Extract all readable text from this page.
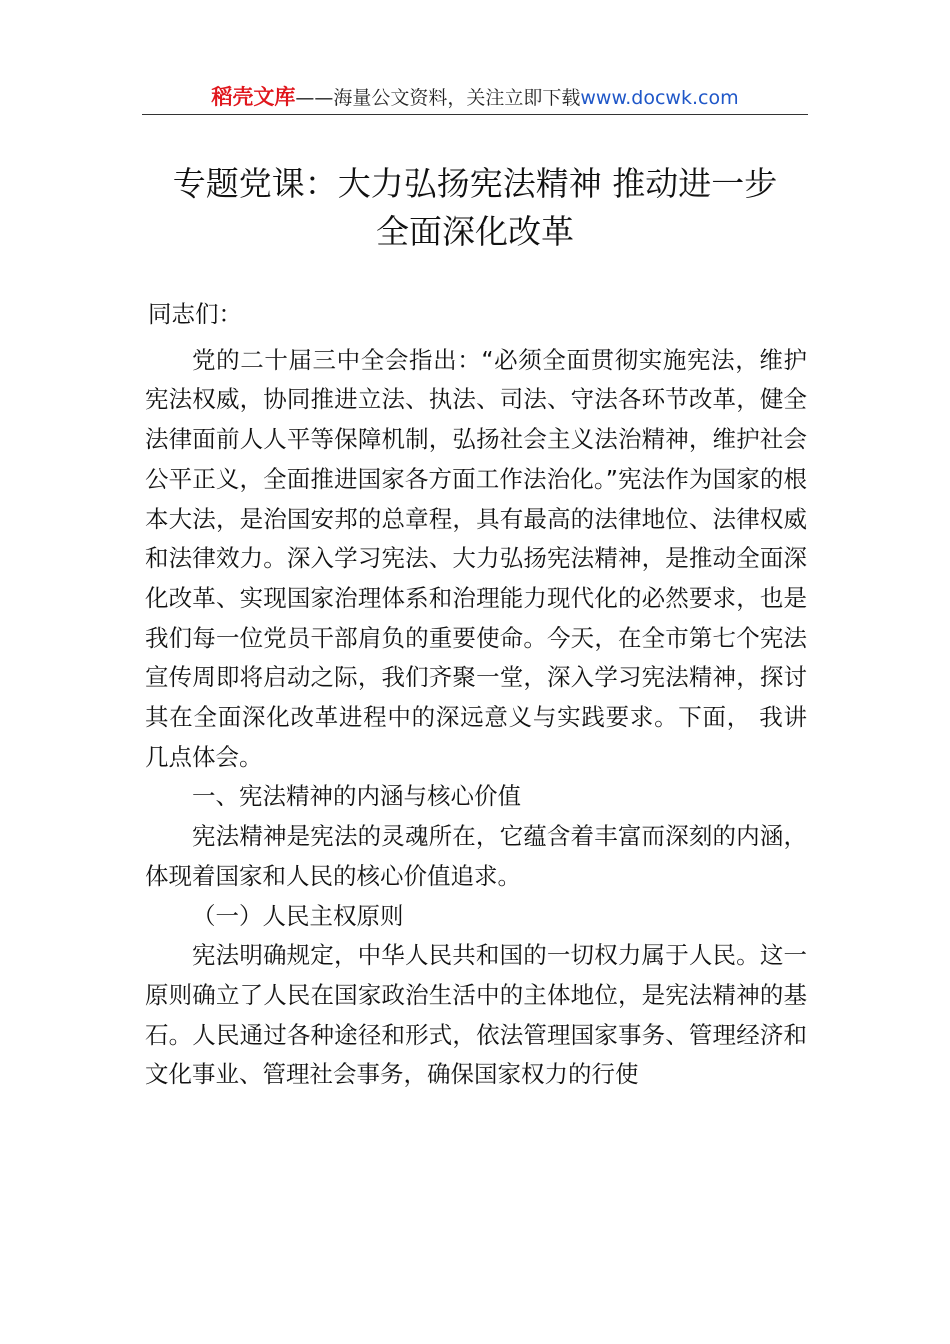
稻壳文库——海量公文资料，关注立即下载www.docwk.com
专题党课：大力弘扬宪法精神 推动进一步
全面深化改革

同志们：

党的二十届三中全会指出：“必须全面贯彻实施宪法，维护宪法权威，协同推进立法、执法、司法、守法各环节改革，健全法律面前人人平等保障机制，弘扬社会主义法治精神，维护社会公平正义，全面推进国家各方面工作法治化。”宪法作为国家的根本大法，是治国安邦的总章程，具有最高的法律地位、法律权威和法律效力。深入学习宪法、大力弘扬宪法精神，是推动全面深化改革、实现国家治理体系和治理能力现代化的必然要求，也是我们每一位党员干部肩负的重要使命。今天，在全市第七个宪法宣传周即将启动之际，我们齐聚一堂，深入学习宪法精神，探讨其在全面深化改革进程中的深远意义与实践要求。下面， 我讲几点体会。

一、宪法精神的内涵与核心价值

宪法精神是宪法的灵魂所在，它蕴含着丰富而深刻的内涵，体现着国家和人民的核心价值追求。

（一）人民主权原则

宪法明确规定，中华人民共和国的一切权力属于人民。这一原则确立了人民在国家政治生活中的主体地位，是宪法精神的基石。人民通过各种途径和形式，依法管理国家事务、管理经济和文化事业、管理社会事务，确保国家权力的行使
